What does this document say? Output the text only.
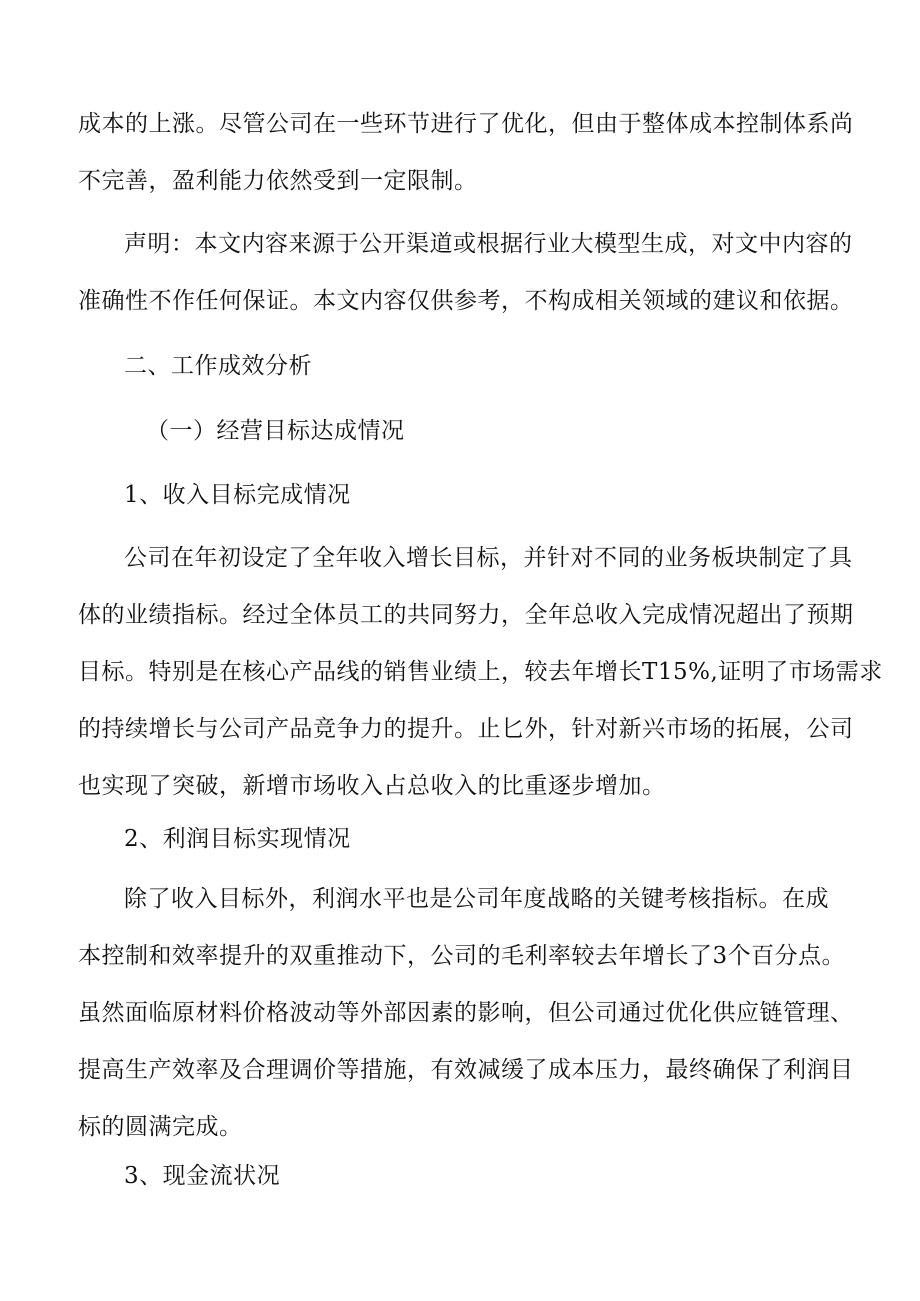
成本的上涨。尽管公司在一些环节进行了优化，但由于整体成本控制体系尚
不完善，盈利能力依然受到一定限制。

声明：本文内容来源于公开渠道或根据行业大模型生成，对文中内容的
准确性不作任何保证。本文内容仅供参考，不构成相关领域的建议和依据。

二、工作成效分析

（一）经营目标达成情况

1、收入目标完成情况

公司在年初设定了全年收入增长目标，并针对不同的业务板块制定了具
体的业绩指标。经过全体员工的共同努力，全年总收入完成情况超出了预期
目标。特别是在核心产品线的销售业绩上，较去年增长T15%,证明了市场需求
的持续增长与公司产品竞争力的提升。止匕外，针对新兴市场的拓展，公司
也实现了突破，新增市场收入占总收入的比重逐步增加。

2、利润目标实现情况

除了收入目标外，利润水平也是公司年度战略的关键考核指标。在成
本控制和效率提升的双重推动下，公司的毛利率较去年增长了3个百分点。
虽然面临原材料价格波动等外部因素的影响，但公司通过优化供应链管理、
提高生产效率及合理调价等措施，有效减缓了成本压力，最终确保了利润目
标的圆满完成。

3、现金流状况
